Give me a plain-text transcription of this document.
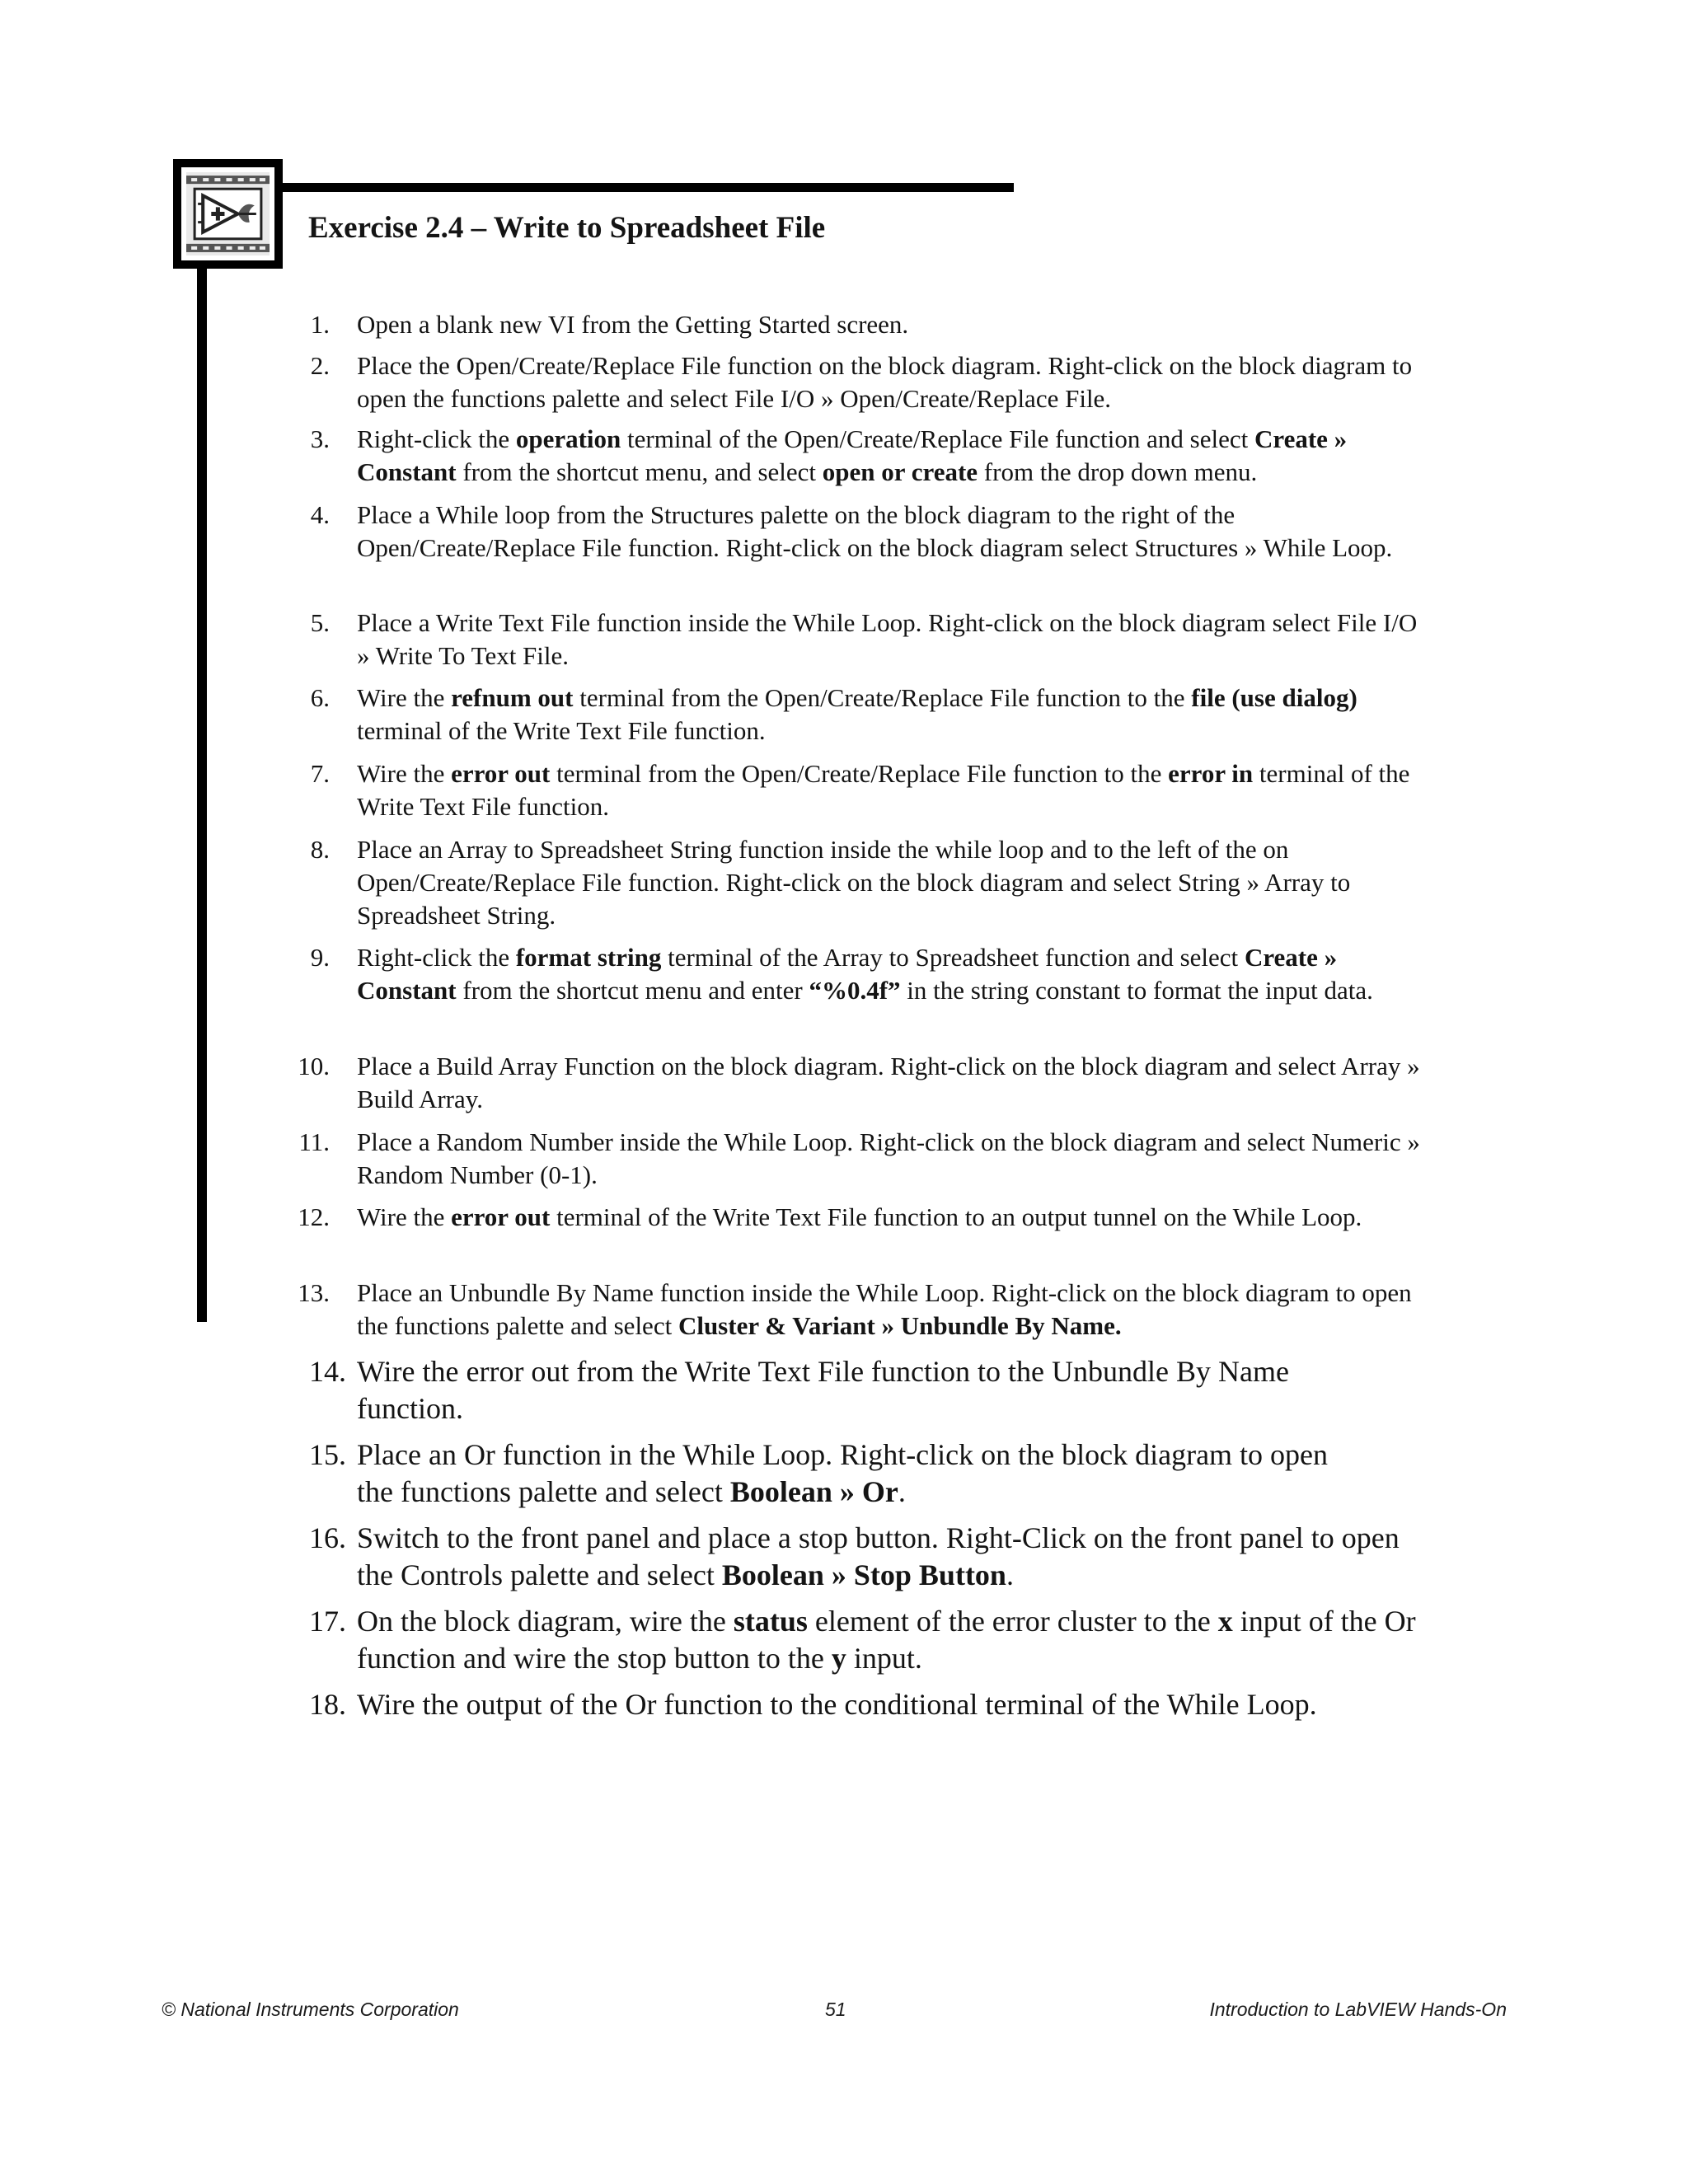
Exercise 2.4 – Write to Spreadsheet File
1. Open a blank new VI from the Getting Started screen.
2. Place the Open/Create/Replace File function on the block diagram. Right-click on the block diagram to open the functions palette and select File I/O » Open/Create/Replace File.
3. Right-click the operation terminal of the Open/Create/Replace File function and select Create » Constant from the shortcut menu, and select open or create from the drop down menu.
4. Place a While loop from the Structures palette on the block diagram to the right of the Open/Create/Replace File function. Right-click on the block diagram select Structures » While Loop.
5. Place a Write Text File function inside the While Loop. Right-click on the block diagram select File I/O » Write To Text File.
6. Wire the refnum out terminal from the Open/Create/Replace File function to the file (use dialog) terminal of the Write Text File function.
7. Wire the error out terminal from the Open/Create/Replace File function to the error in terminal of the Write Text File function.
8. Place an Array to Spreadsheet String function inside the while loop and to the left of the on Open/Create/Replace File function. Right-click on the block diagram and select String » Array to Spreadsheet String.
9. Right-click the format string terminal of the Array to Spreadsheet function and select Create » Constant from the shortcut menu and enter “%0.4f” in the string constant to format the input data.
10. Place a Build Array Function on the block diagram. Right-click on the block diagram and select Array » Build Array.
11. Place a Random Number inside the While Loop. Right-click on the block diagram and select Numeric » Random Number (0-1).
12. Wire the error out terminal of the Write Text File function to an output tunnel on the While Loop.
13. Place an Unbundle By Name function inside the While Loop. Right-click on the block diagram to open the functions palette and select Cluster & Variant » Unbundle By Name.
14. Wire the error out from the Write Text File function to the Unbundle By Name function.
15. Place an Or function in the While Loop. Right-click on the block diagram to open the functions palette and select Boolean » Or.
16. Switch to the front panel and place a stop button. Right-Click on the front panel to open the Controls palette and select Boolean » Stop Button.
17. On the block diagram, wire the status element of the error cluster to the x input of the Or function and wire the stop button to the y input.
18. Wire the output of the Or function to the conditional terminal of the While Loop.
© National Instruments Corporation	51	Introduction to LabVIEW Hands-On
